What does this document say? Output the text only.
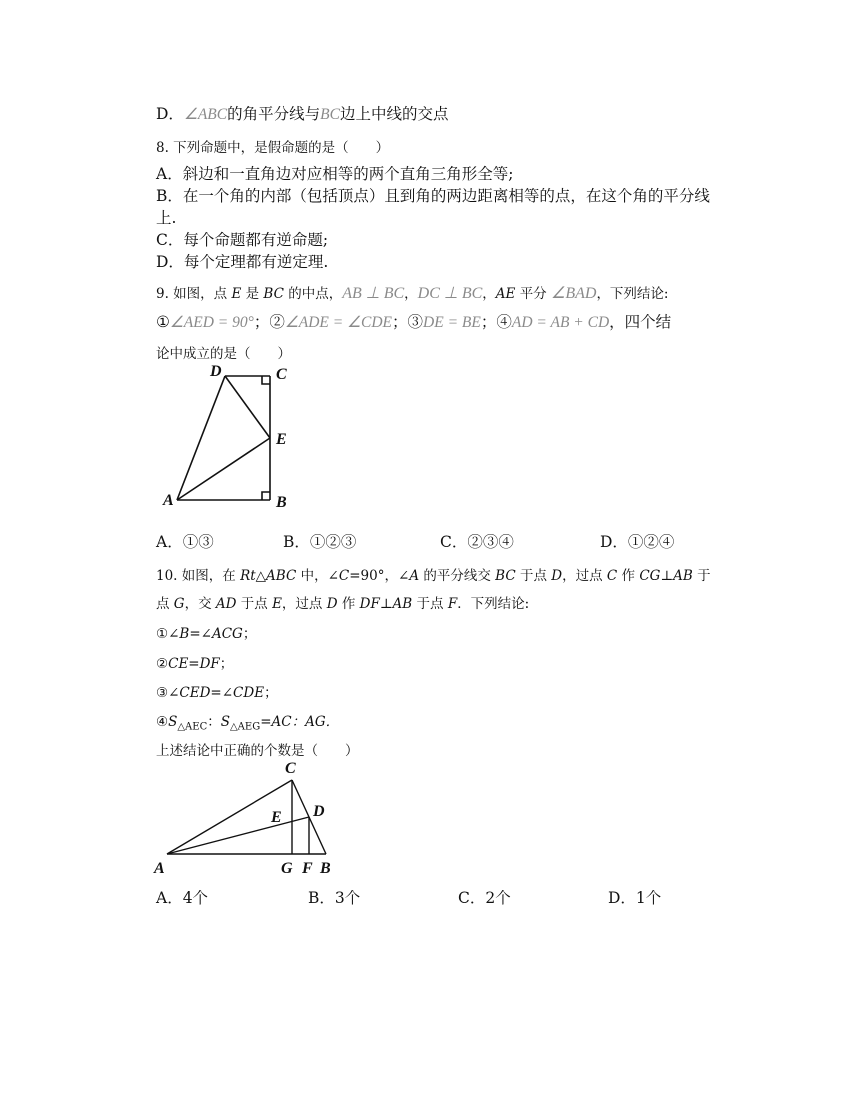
D．∠ABC的角平分线与BC边上中线的交点
8. 下列命题中，是假命题的是（　　）
A．斜边和一直角边对应相等的两个直角三角形全等;
B．在一个角的内部（包括顶点）且到角的两边距离相等的点，在这个角的平分线
上.
C．每个命题都有逆命题;
D．每个定理都有逆定理.
9. 如图，点 E 是 BC 的中点，AB ⊥ BC，DC ⊥ BC，AE 平分 ∠BAD，下列结论:
①∠AED = 90°；②∠ADE = ∠CDE；③DE = BE；④AD = AB + CD，四个结
论中成立的是（　　）
D	C
E
A	B
A．①③	B．①②③	C．②③④	D．①②④
10. 如图，在 Rt△ABC 中，∠C=90°，∠A 的平分线交 BC 于点 D，过点 C 作 CG⊥AB 于
点 G，交 AD 于点 E，过点 D 作 DF⊥AB 于点 F．下列结论:
①∠B=∠ACG；
②CE=DF；
③∠CED=∠CDE；
$④S_{\triangle AEC}$：$S_{\triangle AEG}=AC$：AG．
上述结论中正确的个数是（　　）
C
E D
A	G F B
A．4个	B．3个	C．2个	D．1个
